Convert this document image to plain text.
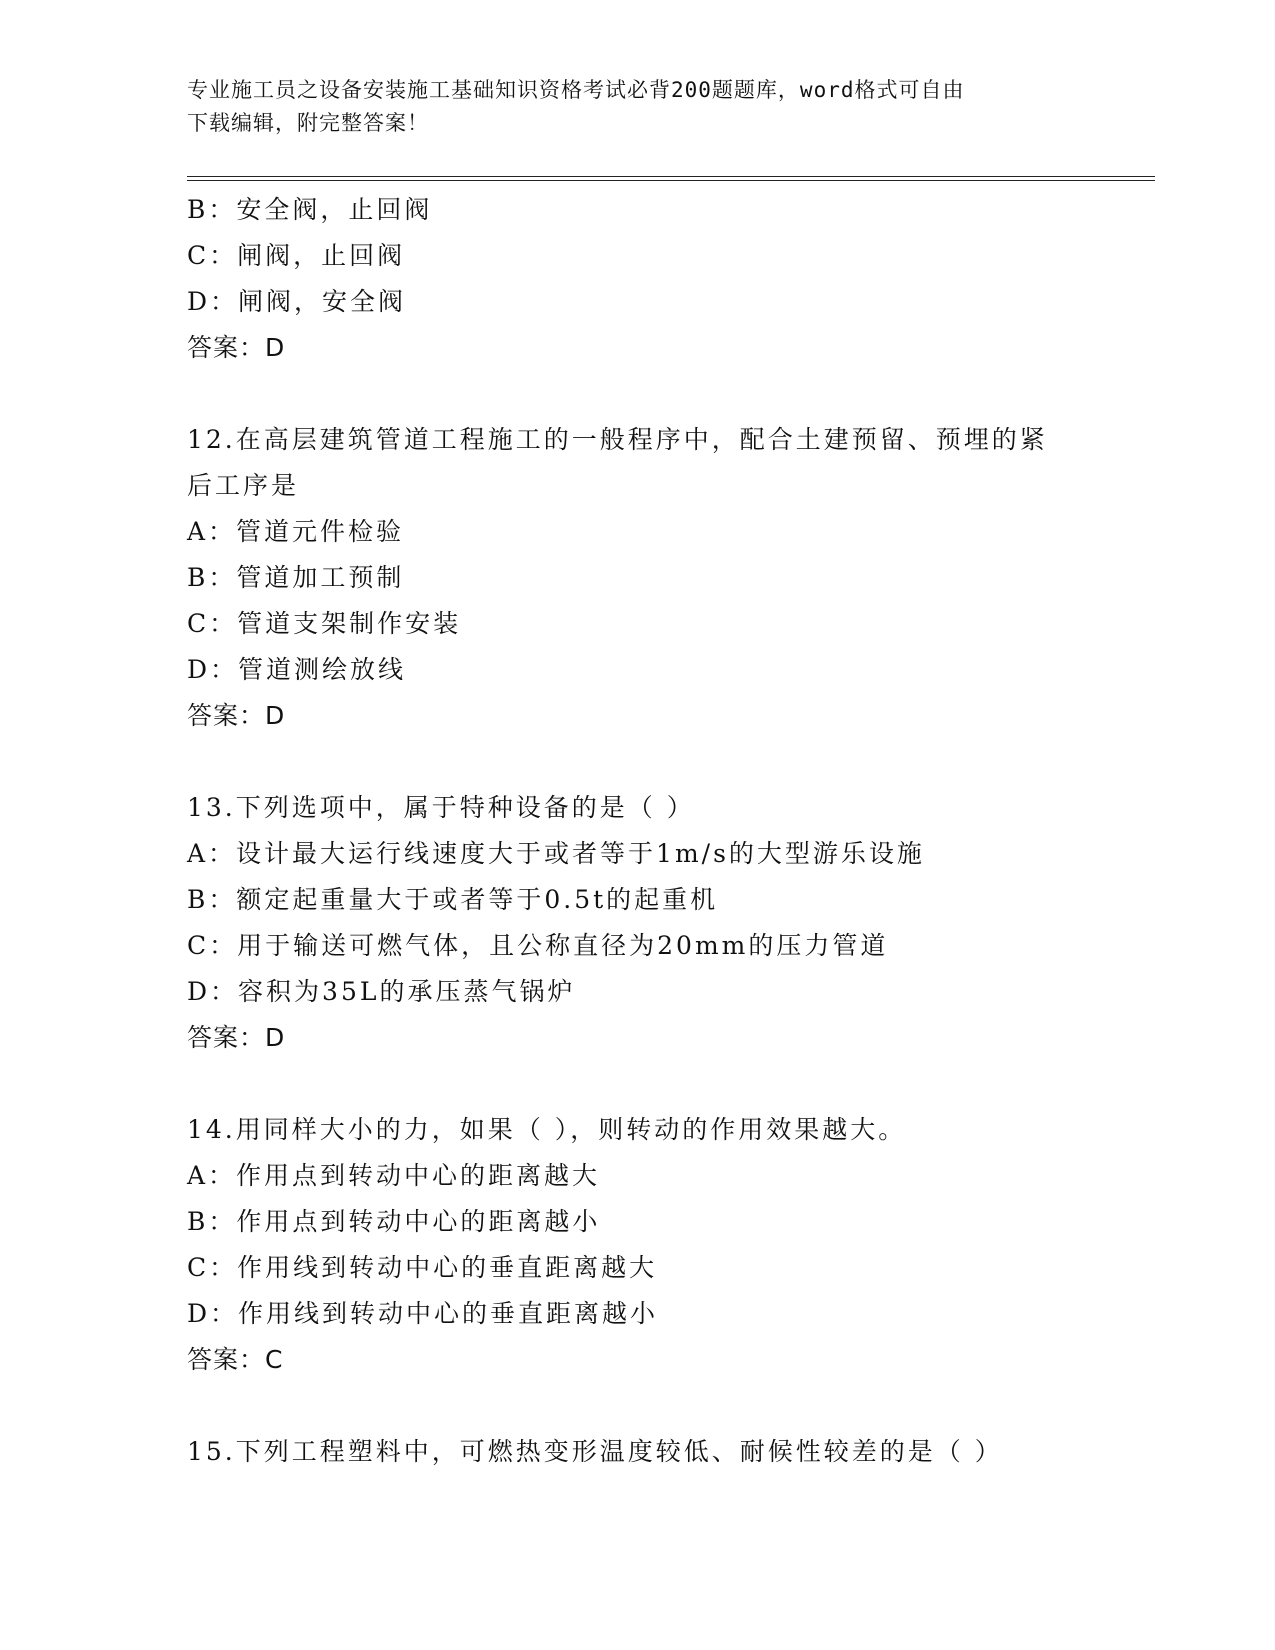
专业施工员之设备安装施工基础知识资格考试必背200题题库，word格式可自由
下载编辑，附完整答案！
B：安全阀，止回阀
C：闸阀，止回阀
D：闸阀，安全阀
答案：D
12.在高层建筑管道工程施工的一般程序中，配合土建预留、预埋的紧
后工序是
A：管道元件检验
B：管道加工预制
C：管道支架制作安装
D：管道测绘放线
答案：D
13.下列选项中，属于特种设备的是（ ）
A：设计最大运行线速度大于或者等于1m/s的大型游乐设施
B：额定起重量大于或者等于0.5t的起重机
C：用于输送可燃气体，且公称直径为20mm的压力管道
D：容积为35L的承压蒸气锅炉
答案：D
14.用同样大小的力，如果（ ），则转动的作用效果越大。
A：作用点到转动中心的距离越大
B：作用点到转动中心的距离越小
C：作用线到转动中心的垂直距离越大
D：作用线到转动中心的垂直距离越小
答案：C
15.下列工程塑料中，可燃热变形温度较低、耐候性较差的是（ ）
